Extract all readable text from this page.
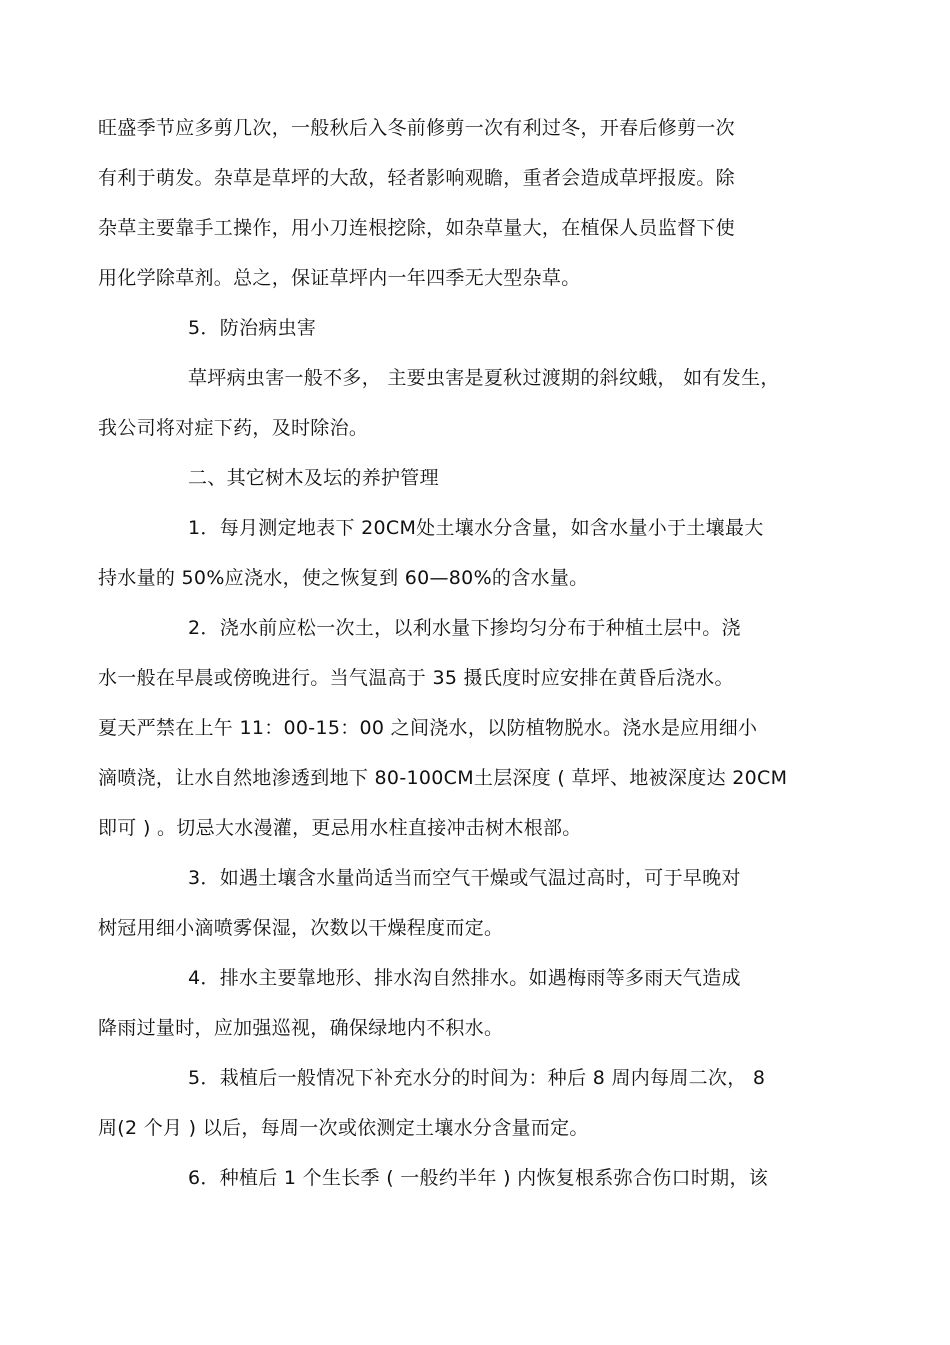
旺盛季节应多剪几次，一般秋后入冬前修剪一次有利过冬，开春后修剪一次
有利于萌发。杂草是草坪的大敌，轻者影响观瞻，重者会造成草坪报废。除
杂草主要靠手工操作，用小刀连根挖除，如杂草量大，在植保人员监督下使
用化学除草剂。总之，保证草坪内一年四季无大型杂草。
5．防治病虫害
草坪病虫害一般不多， 主要虫害是夏秋过渡期的斜纹蛾， 如有发生，
我公司将对症下药，及时除治。
二、其它树木及坛的养护管理
1．每月测定地表下 20CM处土壤水分含量，如含水量小于土壤最大
持水量的 50%应浇水，使之恢复到 60—80%的含水量。
2．浇水前应松一次土，以利水量下掺均匀分布于种植土层中。浇
水一般在早晨或傍晚进行。当气温高于 35 摄氏度时应安排在黄昏后浇水。
夏天严禁在上午 11：00-15：00 之间浇水，以防植物脱水。浇水是应用细小
滴喷浇，让水自然地渗透到地下 80-100CM土层深度 ( 草坪、地被深度达 20CM
即可 ) 。切忌大水漫灌，更忌用水柱直接冲击树木根部。
3．如遇土壤含水量尚适当而空气干燥或气温过高时，可于早晚对
树冠用细小滴喷雾保湿，次数以干燥程度而定。
4．排水主要靠地形、排水沟自然排水。如遇梅雨等多雨天气造成
降雨过量时，应加强巡视，确保绿地内不积水。
5．栽植后一般情况下补充水分的时间为：种后 8 周内每周二次， 8
周(2 个月 ) 以后，每周一次或依测定土壤水分含量而定。
6．种植后 1 个生长季 ( 一般约半年 ) 内恢复根系弥合伤口时期，该
